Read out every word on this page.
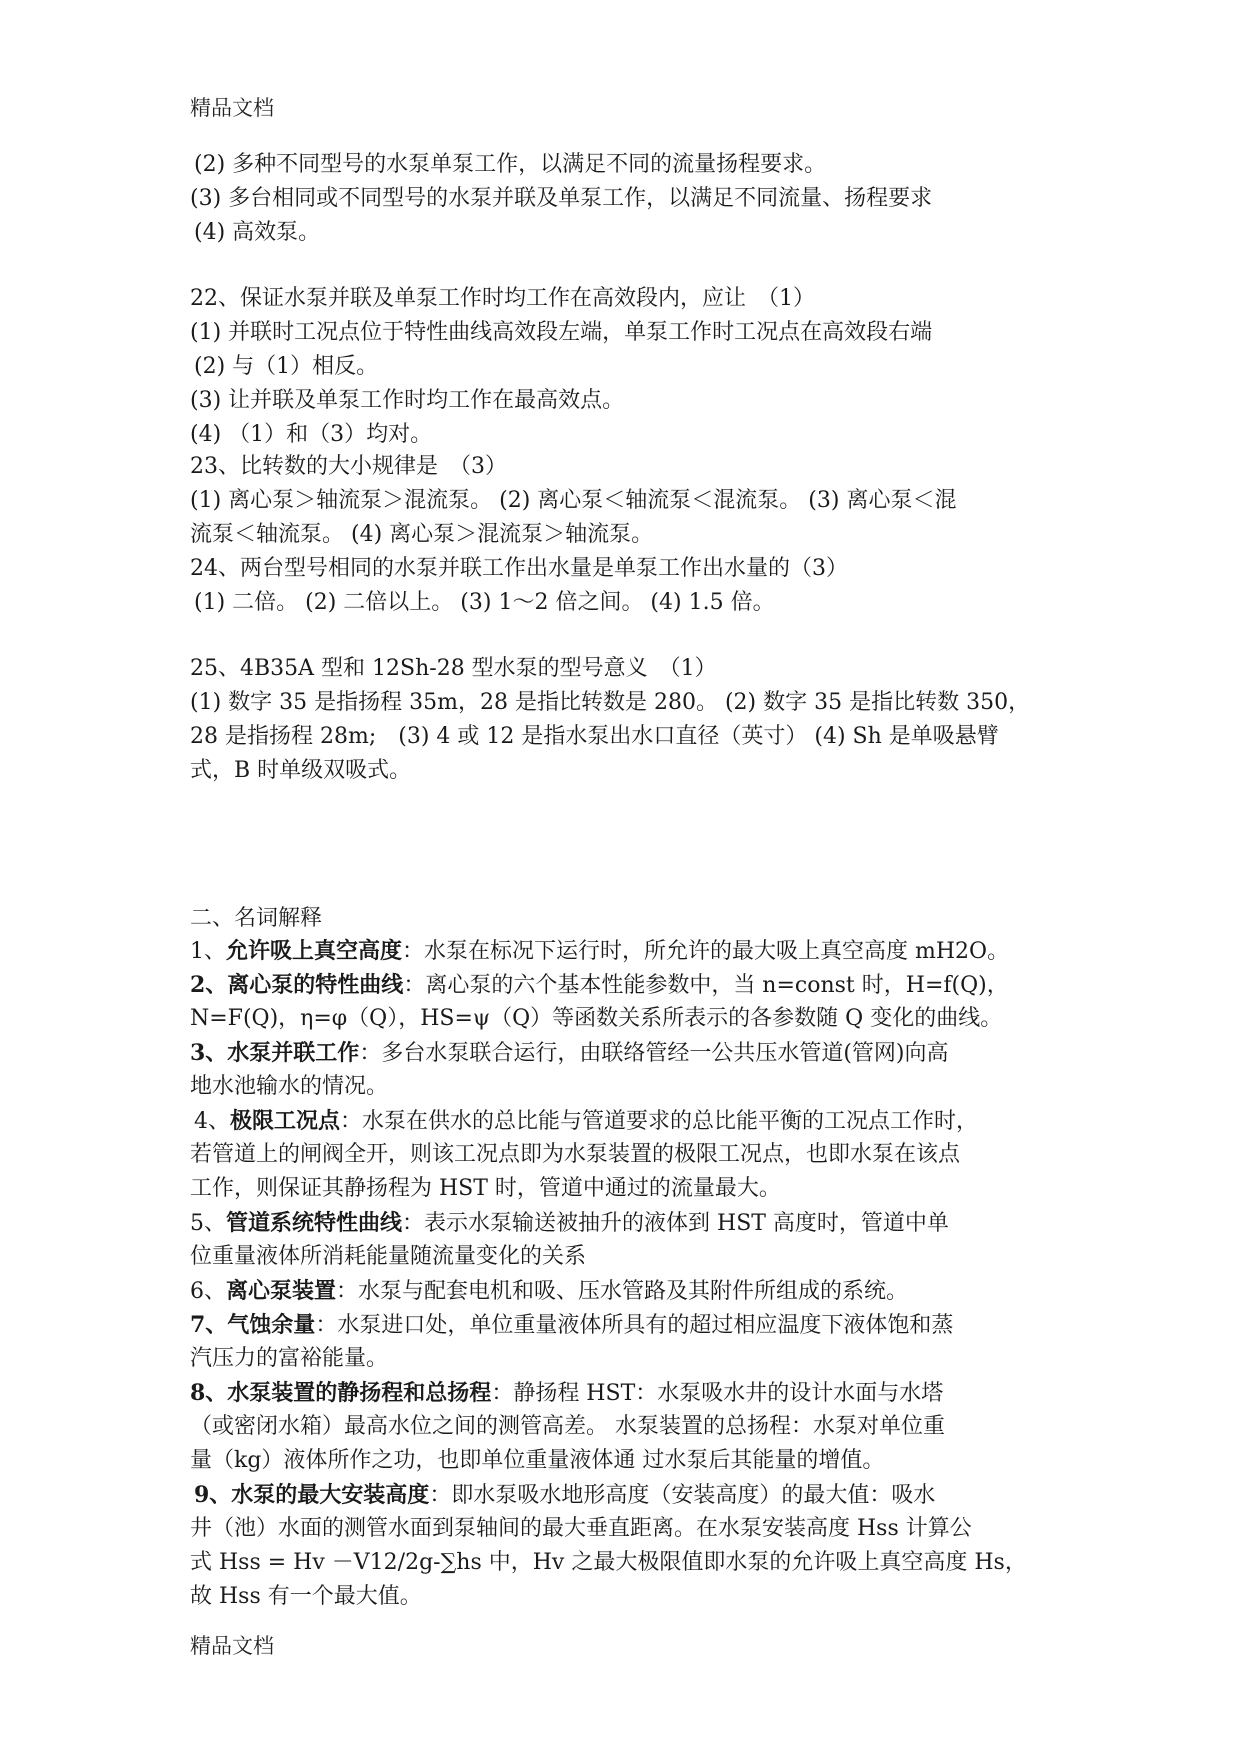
精品文档
(2) 多种不同型号的水泵单泵工作，以满足不同的流量扬程要求。
(3) 多台相同或不同型号的水泵并联及单泵工作，以满足不同流量、扬程要求
(4) 高效泵。
22、保证水泵并联及单泵工作时均工作在高效段内，应让　（1）
(1) 并联时工况点位于特性曲线高效段左端，单泵工作时工况点在高效段右端
(2) 与（1）相反。
(3) 让并联及单泵工作时均工作在最高效点。
(4) （1）和（3）均对。
23、比转数的大小规律是　（3）
(1) 离心泵＞轴流泵＞混流泵。 (2) 离心泵＜轴流泵＜混流泵。 (3) 离心泵＜混
流泵＜轴流泵。 (4) 离心泵＞混流泵＞轴流泵。
24、两台型号相同的水泵并联工作出水量是单泵工作出水量的（3）
(1) 二倍。 (2) 二倍以上。 (3) 1～2 倍之间。 (4) 1.5 倍。
25、4B35A 型和 12Sh-28 型水泵的型号意义　（1）
(1) 数字 35 是指扬程 35m，28 是指比转数是 280。 (2) 数字 35 是指比转数 350，
28 是指扬程 28m;　(3) 4 或 12 是指水泵出水口直径（英寸） (4) Sh 是单吸悬臂
式，B 时单级双吸式。
二、名词解释
1、允许吸上真空高度：水泵在标况下运行时，所允许的最大吸上真空高度 mH2O。
2、离心泵的特性曲线：离心泵的六个基本性能参数中，当 n=const 时，H=f(Q)，
N=F(Q)，η=φ（Q），HS=ψ（Q）等函数关系所表示的各参数随 Q 变化的曲线。
3、水泵并联工作：多台水泵联合运行，由联络管经一公共压水管道(管网)向高
地水池输水的情况。
4、极限工况点：水泵在供水的总比能与管道要求的总比能平衡的工况点工作时，
若管道上的闸阀全开，则该工况点即为水泵装置的极限工况点，也即水泵在该点
工作，则保证其静扬程为 HST 时，管道中通过的流量最大。
5、管道系统特性曲线：表示水泵输送被抽升的液体到 HST 高度时，管道中单
位重量液体所消耗能量随流量变化的关系
6、离心泵装置：水泵与配套电机和吸、压水管路及其附件所组成的系统。
7、气蚀余量：水泵进口处，单位重量液体所具有的超过相应温度下液体饱和蒸
汽压力的富裕能量。
8、水泵装置的静扬程和总扬程：静扬程 HST：水泵吸水井的设计水面与水塔
（或密闭水箱）最高水位之间的测管高差。 水泵装置的总扬程：水泵对单位重
量（kg）液体所作之功，也即单位重量液体通 过水泵后其能量的增值。
9、水泵的最大安装高度：即水泵吸水地形高度（安装高度）的最大值：吸水
井（池）水面的测管水面到泵轴间的最大垂直距离。在水泵安装高度 Hss 计算公
式 Hss = Hv －V12/2g-∑hs 中，Hv 之最大极限值即水泵的允许吸上真空高度 Hs，
故 Hss 有一个最大值。
精品文档
